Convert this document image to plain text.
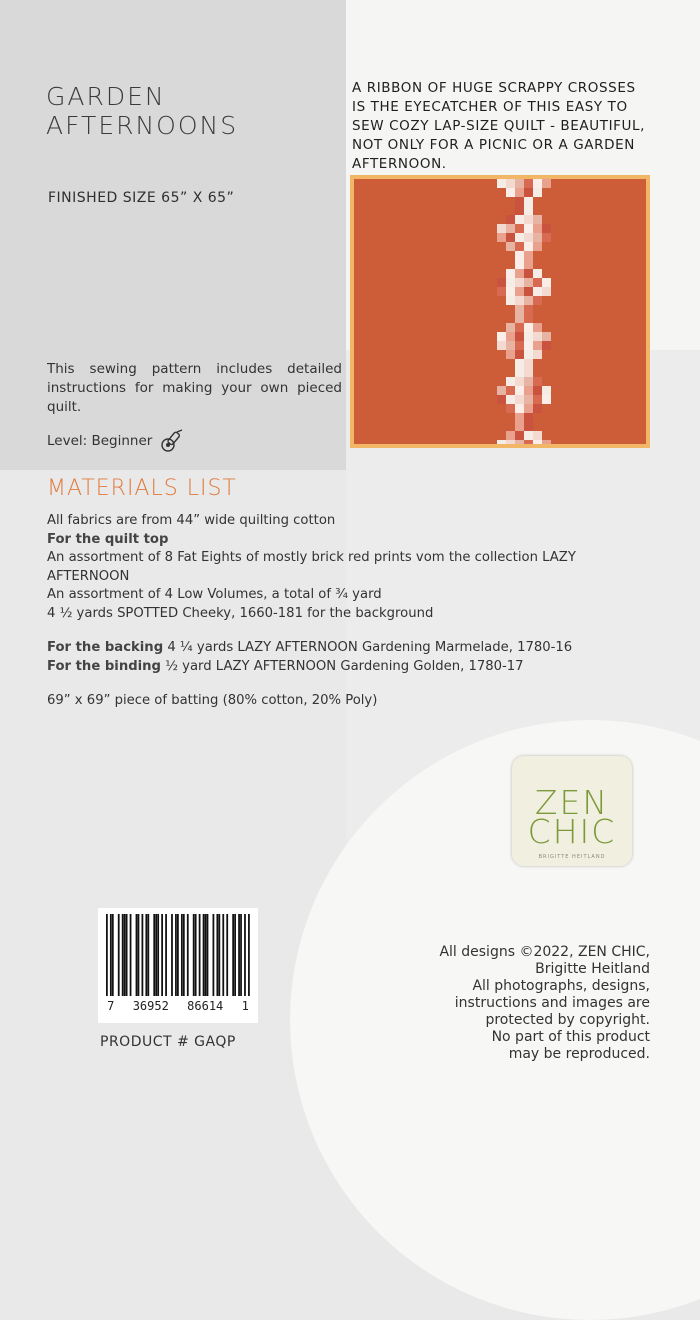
GARDEN
AFTERNOONS
FINISHED SIZE 65” X 65”
A RIBBON OF HUGE SCRAPPY CROSSES IS THE EYECATCHER OF THIS EASY TO SEW COZY LAP-SIZE QUILT - BEAUTIFUL, NOT ONLY FOR A PICNIC OR A GARDEN AFTERNOON.
This sewing pattern includes detailed instructions for making your own pieced quilt.
Level: Beginner
MATERIALS LIST
All fabrics are from 44” wide quilting cotton
For the quilt top
An assortment of 8 Fat Eights of mostly brick red prints vom the collection LAZY AFTERNOON
An assortment of 4 Low Volumes, a total of ¾ yard
4 ½ yards SPOTTED Cheeky, 1660-181 for the background
For the backing 4 ¼ yards LAZY AFTERNOON Gardening Marmelade, 1780-16
For the binding ½ yard LAZY AFTERNOON Gardening Golden, 1780-17
69” x 69” piece of batting (80% cotton, 20% Poly)
ZEN
CHIC
BRIGITTE HEITLAND
7 36952 86614 1
PRODUCT # GAQP
All designs ©2022, ZEN CHIC,
Brigitte Heitland
All photographs, designs,
instructions and images are
protected by copyright.
No part of this product
may be reproduced.
